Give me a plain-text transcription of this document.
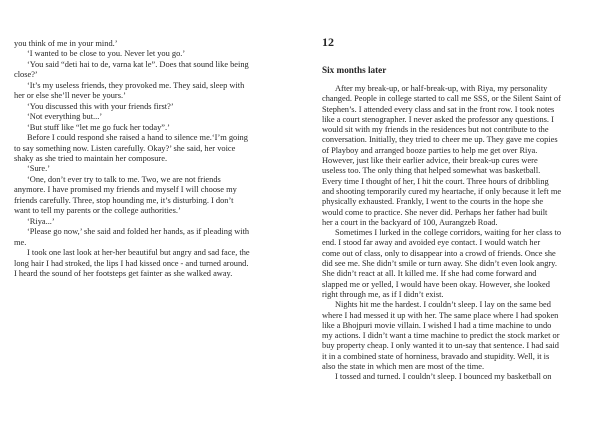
you think of me in your mind.’
‘I wanted to be close to you. Never let you go.’
‘You said “deti hai to de, varna kat le”. Does that sound like being
close?’
‘It’s my useless friends, they provoked me. They said, sleep with
her or else she’ll never be yours.’
‘You discussed this with your friends first?’
‘Not everything but...’
‘But stuff like “let me go fuck her today”.’
Before I could respond she raised a hand to silence me.‘I’m going
to say something now. Listen carefully. Okay?’ she said, her voice
shaky as she tried to maintain her composure.
‘Sure.’
‘One, don’t ever try to talk to me. Two, we are not friends
anymore. I have promised my friends and myself I will choose my
friends carefully. Three, stop hounding me, it’s disturbing. I don’t
want to tell my parents or the college authorities.’
‘Riya...’
‘Please go now,’ she said and folded her hands, as if pleading with
me.
I took one last look at her-her beautiful but angry and sad face, the
long hair I had stroked, the lips I had kissed once - and turned around.
I heard the sound of her footsteps get fainter as she walked away.
12
Six months later
After my break-up, or half-break-up, with Riya, my personality
changed. People in college started to call me SSS, or the Silent Saint of
Stephen’s. I attended every class and sat in the front row. I took notes
like a court stenographer. I never asked the professor any questions. I
would sit with my friends in the residences but not contribute to the
conversation. Initially, they tried to cheer me up. They gave me copies
of Playboy and arranged booze parties to help me get over Riya.
However, just like their earlier advice, their break-up cures were
useless too. The only thing that helped somewhat was basketball.
Every time I thought of her, I hit the court. Three hours of dribbling
and shooting temporarily cured my heartache, if only because it left me
physically exhausted. Frankly, I went to the courts in the hope she
would come to practice. She never did. Perhaps her father had built
her a court in the backyard of 100, Aurangzeb Road.
Sometimes I lurked in the college corridors, waiting for her class to
end. I stood far away and avoided eye contact. I would watch her
come out of class, only to disappear into a crowd of friends. Once she
did see me. She didn’t smile or turn away. She didn’t even look angry.
She didn’t react at all. It killed me. If she had come forward and
slapped me or yelled, I would have been okay. However, she looked
right through me, as if I didn’t exist.
Nights hit me the hardest. I couldn’t sleep. I lay on the same bed
where I had messed it up with her. The same place where I had spoken
like a Bhojpuri movie villain. I wished I had a time machine to undo
my actions. I didn’t want a time machine to predict the stock market or
buy property cheap. I only wanted it to un-say that sentence. I had said
it in a combined state of horniness, bravado and stupidity. Well, it is
also the state in which men are most of the time.
I tossed and turned. I couldn’t sleep. I bounced my basketball on
